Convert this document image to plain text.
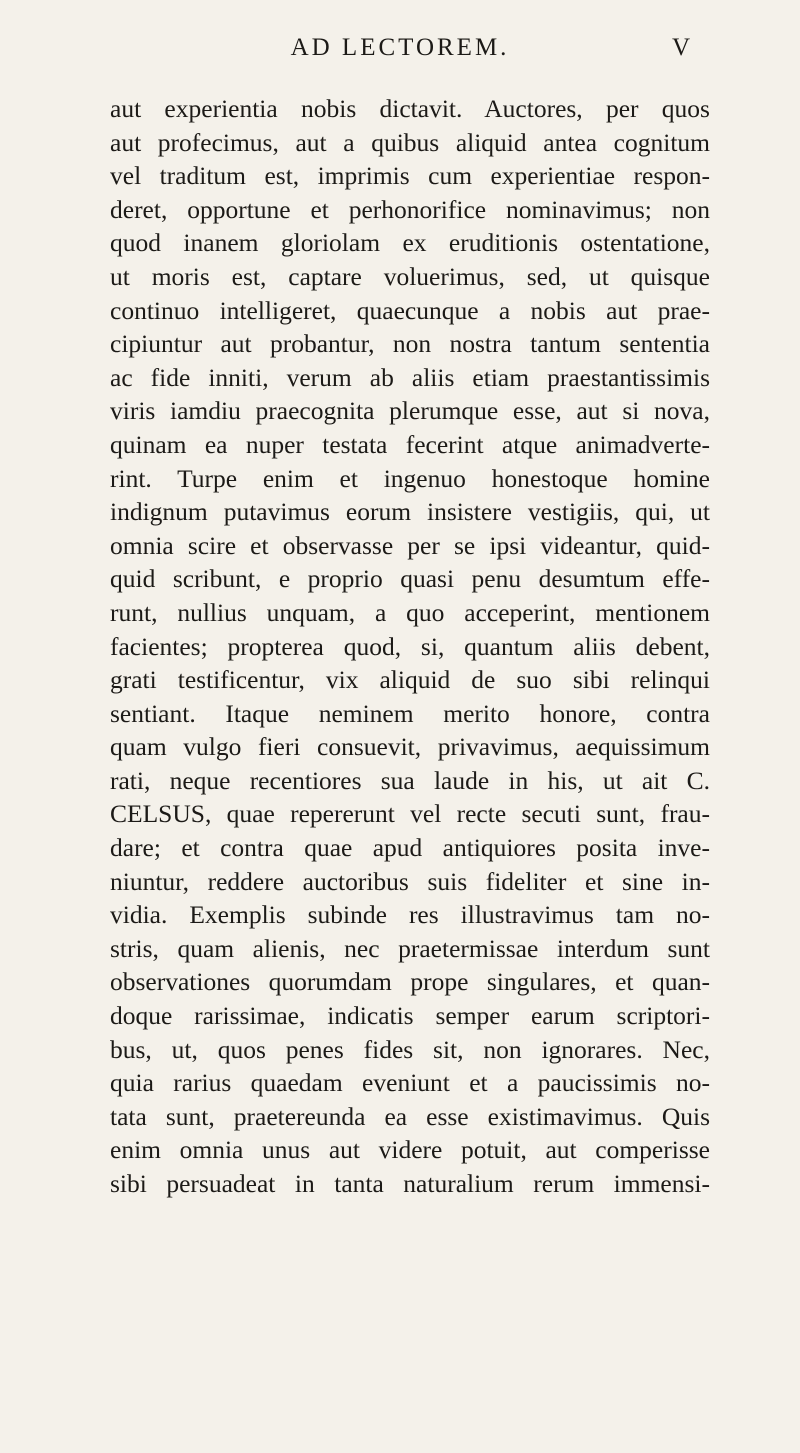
AD LECTOREM.	V
aut experientia nobis dictavit. Auctores, per quos
aut profecimus, aut a quibus aliquid antea cognitum
vel traditum est, imprimis cum experientiae respon-
deret, opportune et perhonorifice nominavimus; non
quod inanem gloriolam ex eruditionis ostentatione,
ut moris est, captare voluerimus, sed, ut quisque
continuo intelligeret, quaecunque a nobis aut prae-
cipiuntur aut probantur, non nostra tantum sententia
ac fide inniti, verum ab aliis etiam praestantissimis
viris iamdiu praecognita plerumque esse, aut si nova,
quinam ea nuper testata fecerint atque animadverte-
rint. Turpe enim et ingenuo honestoque homine
indignum putavimus eorum insistere vestigiis, qui, ut
omnia scire et observasse per se ipsi videantur, quid-
quid scribunt, e proprio quasi penu desumtum effe-
runt, nullius unquam, a quo acceperint, mentionem
facientes; propterea quod, si, quantum aliis debent,
grati testificentur, vix aliquid de suo sibi relinqui
sentiant. Itaque neminem merito honore, contra
quam vulgo fieri consuevit, privavimus, aequissimum
rati, neque recentiores sua laude in his, ut ait C.
CELSUS, quae repererunt vel recte secuti sunt, frau-
dare; et contra quae apud antiquiores posita inve-
niuntur, reddere auctoribus suis fideliter et sine in-
vidia. Exemplis subinde res illustravimus tam no-
stris, quam alienis, nec praetermissae interdum sunt
observationes quorumdam prope singulares, et quan-
doque rarissimae, indicatis semper earum scriptori-
bus, ut, quos penes fides sit, non ignorares. Nec,
quia rarius quaedam eveniunt et a paucissimis no-
tata sunt, praetereunda ea esse existimavimus. Quis
enim omnia unus aut videre potuit, aut comperisse
sibi persuadeat in tanta naturalium rerum immensi-
